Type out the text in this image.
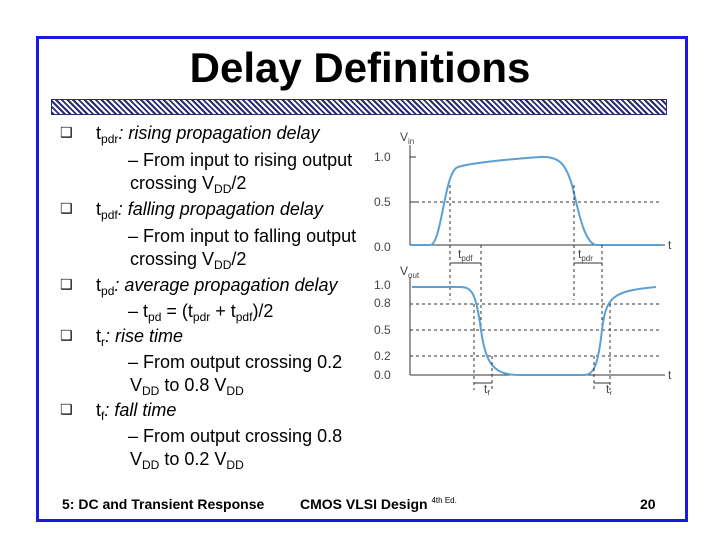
Delay Definitions
❑ $t_{pdr}$: rising propagation delay
– From input to rising output
crossing $V_{DD}/2$
❑ $t_{pdf}$: falling propagation delay
– From input to falling output
crossing $V_{DD}/2$
❑ $t_{pd}$: average propagation delay
– $t_{pd} = (t_{pdr} + t_{pdf})/2$
❑ $t_r$: rise time
– From output crossing 0.2
$V_{DD}$ to 0.8 $V_{DD}$
❑ $t_f$: fall time
– From output crossing 0.8
$V_{DD}$ to 0.2 $V_{DD}$
$V_{in}$
1.0
0.5
0.0	t
$t_{pdf}$	$t_{pdr}$
$V_{out}$
1.0
0.8
0.5
0.2
0.0	t
$t_f$	$t_r$
5: DC and Transient Response	CMOS VLSI Design $^{4th Ed.}$	20
